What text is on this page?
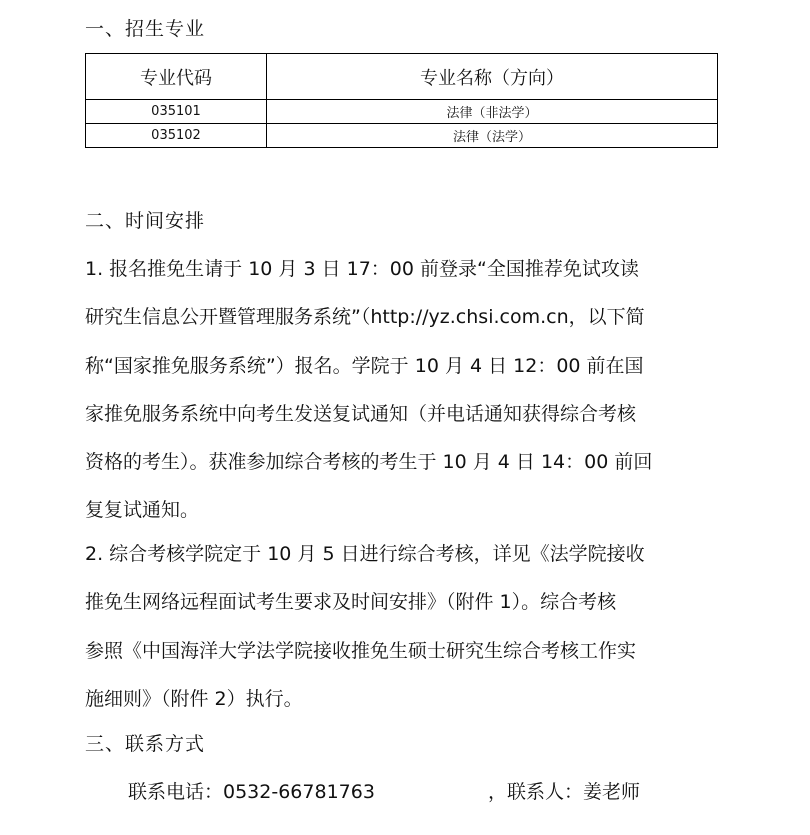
一、招生专业
专业代码	专业名称（方向）
035101	法律（非法学）
035102	法律（法学）
二、时间安排
1. 报名推免生请于 10 月 3 日 17：00 前登录“全国推荐免试攻读
研究生信息公开暨管理服务系统”（http://yz.chsi.com.cn，以下简
称“国家推免服务系统”）报名。学院于 10 月 4 日 12：00 前在国
家推免服务系统中向考生发送复试通知（并电话通知获得综合考核
资格的考生）。获准参加综合考核的考生于 10 月 4 日 14：00 前回
复复试通知。
2. 综合考核学院定于 10 月 5 日进行综合考核，详见《法学院接收
推免生网络远程面试考生要求及时间安排》（附件 1）。综合考核
参照《中国海洋大学法学院接收推免生硕士研究生综合考核工作实
施细则》（附件 2）执行。
三、联系方式
联系电话：0532-66781763	，联系人：姜老师
